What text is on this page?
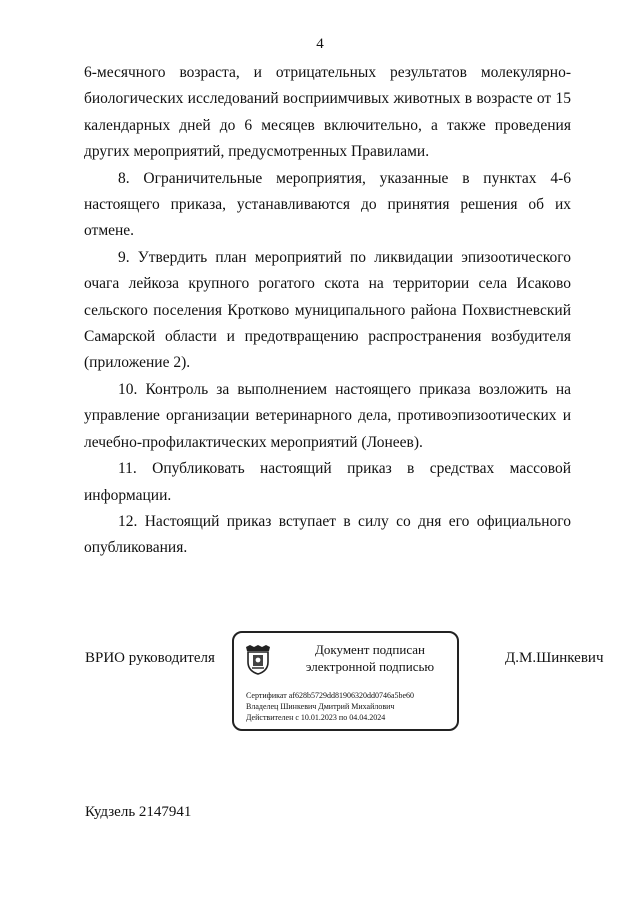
4

6-месячного возраста, и отрицательных результатов молекулярно-биологических исследований восприимчивых животных в возрасте от 15 календарных дней до 6 месяцев включительно, а также проведения других мероприятий, предусмотренных Правилами.

8. Ограничительные мероприятия, указанные в пунктах 4-6 настоящего приказа, устанавливаются до принятия решения об их отмене.

9. Утвердить план мероприятий по ликвидации эпизоотического очага лейкоза крупного рогатого скота на территории села Исаково сельского поселения Кротково муниципального района Похвистневский Самарской области и предотвращению распространения возбудителя (приложение 2).

10. Контроль за выполнением настоящего приказа возложить на управление организации ветеринарного дела, противоэпизоотических и лечебно-профилактических мероприятий (Лонеев).

11. Опубликовать настоящий приказ в средствах массовой информации.

12. Настоящий приказ вступает в силу со дня его официального опубликования.

ВРИО руководителя
Документ подписан
электронной подписью
Сертификат af628b5729dd81906320dd0746a5be60
Владелец Шинкевич Дмитрий Михайлович
Действителен с 10.01.2023 по 04.04.2024
Д.М.Шинкевич
Кудзель 2147941
